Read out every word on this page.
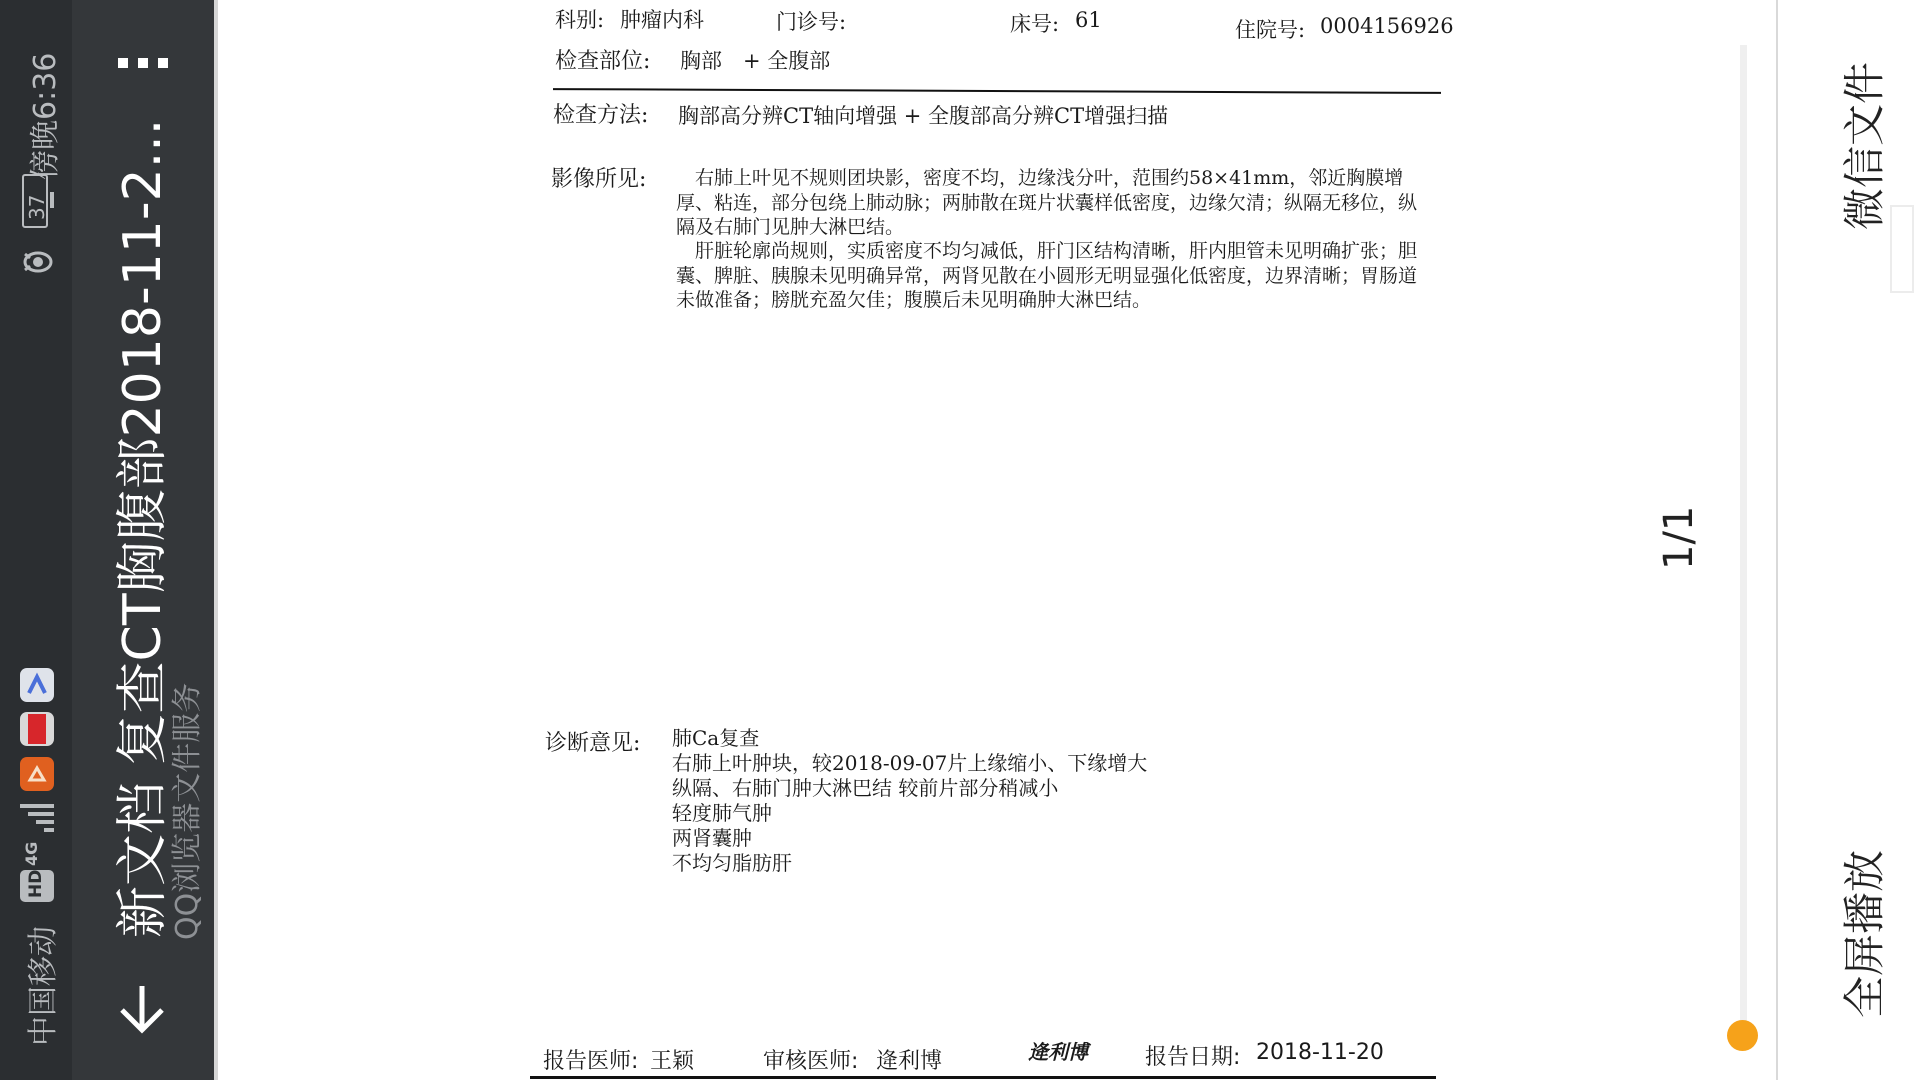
傍晚6:36
37
4G
HD
中国移动
新文档 复查CT胸腹部2018-11-2...
QQ浏览器文件服务
科别: 肿瘤内科	门诊号:	床号: 61	住院号: 0004156926
检查部位: 胸部　+ 全腹部
检查方法: 胸部高分辨CT轴向增强 + 全腹部高分辨CT增强扫描
影像所见: 　右肺上叶见不规则团块影，密度不均，边缘浅分叶，范围约58×41mm，邻近胸膜增厚、粘连，部分包绕上肺动脉；两肺散在斑片状囊样低密度，边缘欠清；纵隔无移位，纵隔及右肺门见肿大淋巴结。
　肝脏轮廓尚规则，实质密度不均匀减低，肝门区结构清晰，肝内胆管未见明确扩张；胆囊、脾脏、胰腺未见明确异常，两肾见散在小圆形无明显强化低密度，边界清晰；胃肠道未做准备；膀胱充盈欠佳；腹膜后未见明确肿大淋巴结。
诊断意见: 肺Ca复查
右肺上叶肿块，较2018-09-07片上缘缩小、下缘增大
纵隔、右肺门肿大淋巴结 较前片部分稍减小
轻度肺气肿
两肾囊肿
不均匀脂肪肝
报告医师: 王颖	审核医师: 逄利博	逄利博	报告日期: 2018-11-20
1/1
微信文件
全屏播放
